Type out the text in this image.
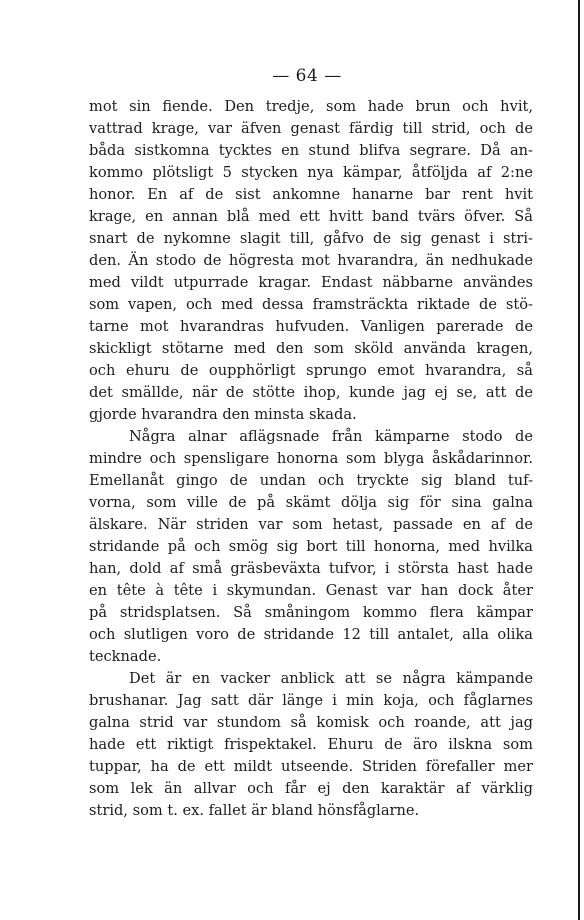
— 64 —
mot sin fiende. Den tredje, som hade brun och hvit,
vattrad krage, var äfven genast färdig till strid, och de
båda sistkomna tycktes en stund blifva segrare. Då an-
kommo plötsligt 5 stycken nya kämpar, åtföljda af 2:ne
honor. En af de sist ankomne hanarne bar rent hvit
krage, en annan blå med ett hvitt band tvärs öfver. Så
snart de nykomne slagit till, gåfvo de sig genast i stri-
den. Än stodo de högresta mot hvarandra, än nedhukade
med vildt utpurrade kragar. Endast näbbarne användes
som vapen, och med dessa framsträckta riktade de stö-
tarne mot hvarandras hufvuden. Vanligen parerade de
skickligt stötarne med den som sköld använda kragen,
och ehuru de oupphörligt sprungo emot hvarandra, så
det smällde, när de stötte ihop, kunde jag ej se, att de
gjorde hvarandra den minsta skada.
Några alnar aflägsnade från kämparne stodo de
mindre och spensligare honorna som blyga åskådarinnor.
Emellanåt gingo de undan och tryckte sig bland tuf-
vorna, som ville de på skämt dölja sig för sina galna
älskare. När striden var som hetast, passade en af de
stridande på och smög sig bort till honorna, med hvilka
han, dold af små gräsbeväxta tufvor, i största hast hade
en tête à tête i skymundan. Genast var han dock åter
på stridsplatsen. Så småningom kommo flera kämpar
och slutligen voro de stridande 12 till antalet, alla olika
tecknade.
Det är en vacker anblick att se några kämpande
brushanar. Jag satt där länge i min koja, och fåglarnes
galna strid var stundom så komisk och roande, att jag
hade ett riktigt frispektakel. Ehuru de äro ilskna som
tuppar, ha de ett mildt utseende. Striden förefaller mer
som lek än allvar och får ej den karaktär af värklig
strid, som t. ex. fallet är bland hönsfåglarne.
